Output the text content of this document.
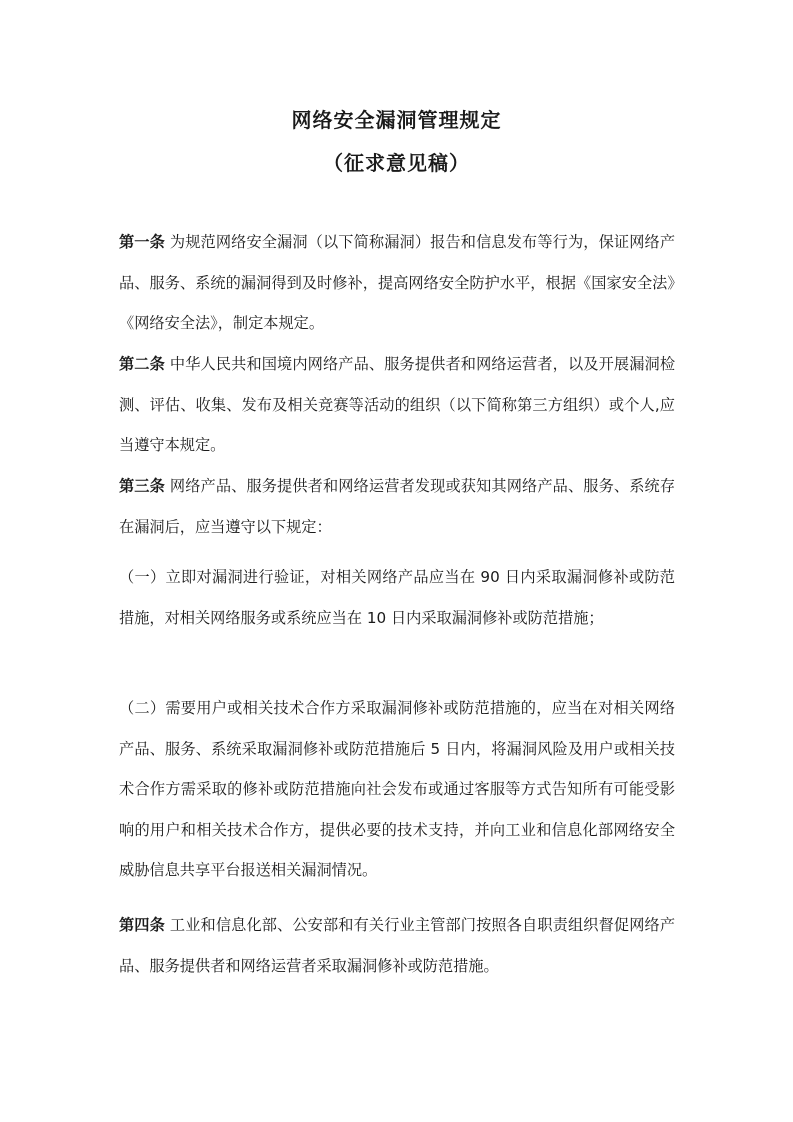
网络安全漏洞管理规定
（征求意见稿）

第一条 为规范网络安全漏洞（以下简称漏洞）报告和信息发布等行为，保证网络产品、服务、系统的漏洞得到及时修补，提高网络安全防护水平，根据《国家安全法》《网络安全法》，制定本规定。

第二条 中华人民共和国境内网络产品、服务提供者和网络运营者，以及开展漏洞检测、评估、收集、发布及相关竞赛等活动的组织（以下简称第三方组织）或个人,应当遵守本规定。

第三条 网络产品、服务提供者和网络运营者发现或获知其网络产品、服务、系统存在漏洞后，应当遵守以下规定：

（一）立即对漏洞进行验证，对相关网络产品应当在 90 日内采取漏洞修补或防范措施，对相关网络服务或系统应当在 10 日内采取漏洞修补或防范措施；

（二）需要用户或相关技术合作方采取漏洞修补或防范措施的，应当在对相关网络产品、服务、系统采取漏洞修补或防范措施后 5 日内，将漏洞风险及用户或相关技术合作方需采取的修补或防范措施向社会发布或通过客服等方式告知所有可能受影响的用户和相关技术合作方，提供必要的技术支持，并向工业和信息化部网络安全威胁信息共享平台报送相关漏洞情况。

第四条 工业和信息化部、公安部和有关行业主管部门按照各自职责组织督促网络产品、服务提供者和网络运营者采取漏洞修补或防范措施。
